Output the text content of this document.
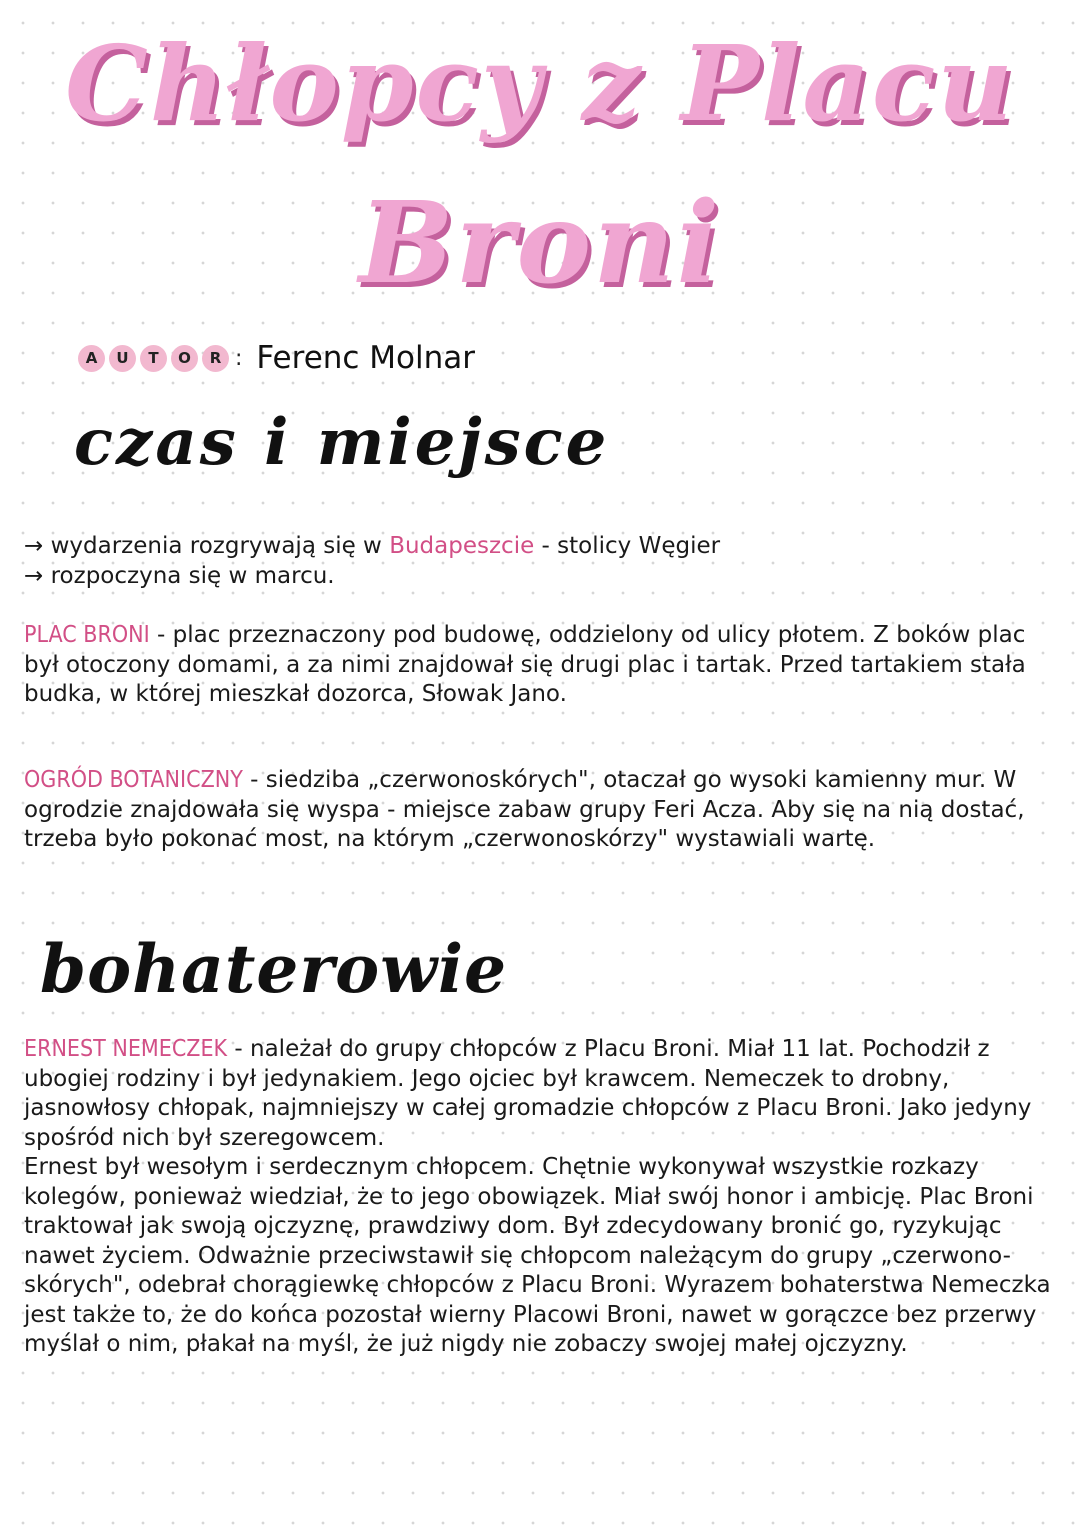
Chłopcy z Placu
Broni
A	U	T	O	R : Ferenc Molnar
czas i miejsce
→ wydarzenia rozgrywają się w Budapeszcie - stolicy Węgier
→ rozpoczyna się w marcu.
PLAC BRONI - plac przeznaczony pod budowę, oddzielony od ulicy płotem. Z boków plac był otoczony domami, a za nimi znajdował się drugi plac i tartak. Przed tartakiem stała budka, w której mieszkał dozorca, Słowak Jano.
OGRÓD BOTANICZNY - siedziba „czerwonoskórych", otaczał go wysoki kamienny mur. W ogrodzie znajdowała się wyspa - miejsce zabaw grupy Feri Acza. Aby się na nią dostać, trzeba było pokonać most, na którym „czerwonoskórzy" wystawiali wartę.
bohaterowie

ERNEST NEMECZEK - należał do grupy chłopców z Placu Broni. Miał 11 lat. Pochodził z ubogiej rodziny i był jedynakiem. Jego ojciec był krawcem. Nemeczek to drobny, jasnowłosy chłopak, najmniejszy w całej gromadzie chłopców z Placu Broni. Jako jedyny spośród nich był szeregowcem.

Ernest był wesołym i serdecznym chłopcem. Chętnie wykonywał wszystkie rozkazy kolegów, ponieważ wiedział, że to jego obowiązek. Miał swój honor i ambicję. Plac Broni traktował jak swoją ojczyznę, prawdziwy dom. Był zdecydowany bronić go, ryzykując nawet życiem. Odważnie przeciwstawił się chłopcom należącym do grupy „czerwono-skórych", odebrał chorągiewkę chłopców z Placu Broni. Wyrazem bohaterstwa Nemeczka jest także to, że do końca pozostał wierny Placowi Broni, nawet w gorączce bez przerwy myślał o nim, płakał na myśl, że już nigdy nie zobaczy swojej małej ojczyzny.
